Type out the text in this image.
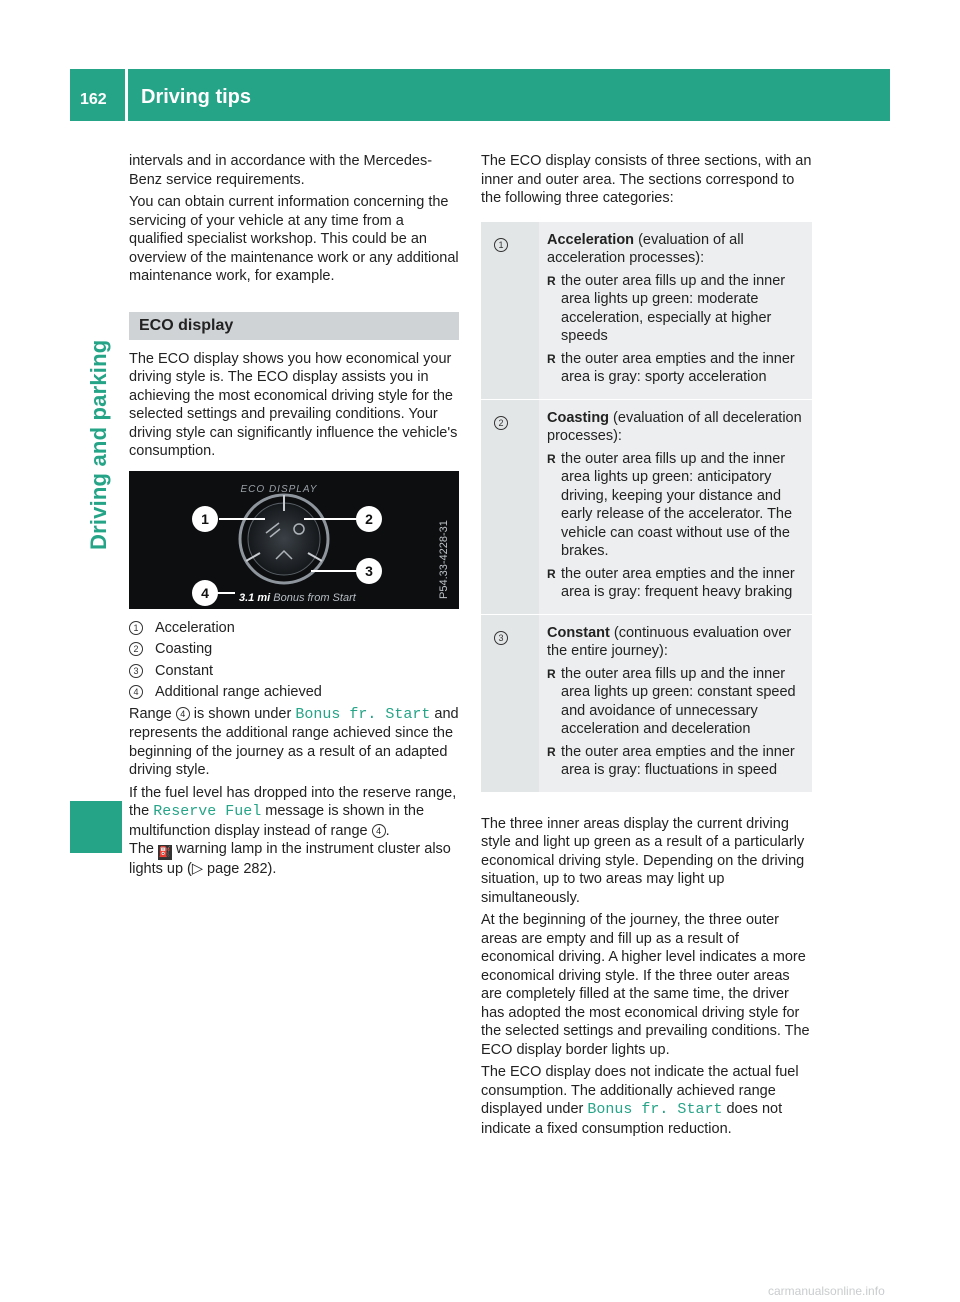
162 Driving tips
Driving and parking

intervals and in accordance with the Mercedes-Benz service requirements.

You can obtain current information concerning the servicing of your vehicle at any time from a qualified specialist workshop. This could be an overview of the maintenance work or any additional maintenance work, for example.

ECO display

The ECO display shows you how economical your driving style is. The ECO display assists you in achieving the most economical driving style for the selected settings and prevailing conditions. Your driving style can significantly influence the vehicle's consumption.

ECO DISPLAY
1	2
3
4	3.1 mi Bonus from Start	P54.33-4228-31
1	Acceleration
2	Coasting
3	Constant
4	Additional range achieved

Range 4 is shown under Bonus fr. Start and represents the additional range achieved since the beginning of the journey as a result of an adapted driving style.

If the fuel level has dropped into the reserve range, the Reserve Fuel message is shown in the multifunction display instead of range 4 .
The ⛽ warning lamp in the instrument cluster also lights up (▷ page 282).

The ECO display consists of three sections, with an inner and outer area. The sections correspond to the following three categories:

1	Acceleration (evaluation of all acceleration processes):
R the outer area fills up and the inner area lights up green: moderate acceleration, especially at higher speeds
R the outer area empties and the inner area is gray: sporty acceleration
2	Coasting (evaluation of all deceleration processes):
R the outer area fills up and the inner area lights up green: anticipatory driving, keeping your distance and early release of the accelerator. The vehicle can coast without use of the brakes.
R the outer area empties and the inner area is gray: frequent heavy braking
3	Constant (continuous evaluation over the entire journey):
R the outer area fills up and the inner area lights up green: constant speed and avoidance of unnecessary acceleration and deceleration
R the outer area empties and the inner area is gray: fluctuations in speed

The three inner areas display the current driving style and light up green as a result of a particularly economical driving style. Depending on the driving situation, up to two areas may light up simultaneously.

At the beginning of the journey, the three outer areas are empty and fill up as a result of economical driving. A higher level indicates a more economical driving style. If the three outer areas are completely filled at the same time, the driver has adopted the most economical driving style for the selected settings and prevailing conditions. The ECO display border lights up.

The ECO display does not indicate the actual fuel consumption. The additionally achieved range displayed under Bonus fr. Start does not indicate a fixed consumption reduction.

carmanualsonline.info
